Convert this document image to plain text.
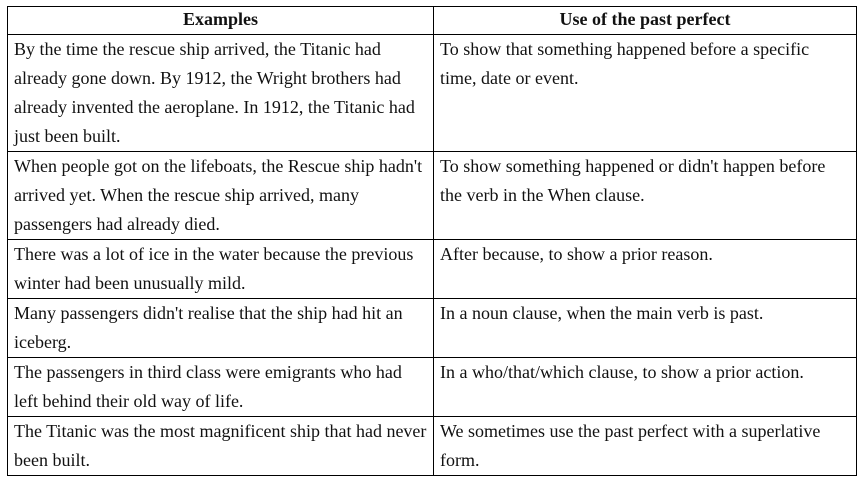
Examples	Use of the past perfect
By the time the rescue ship arrived, the Titanic had already gone down. By 1912, the Wright brothers had already invented the aeroplane. In 1912, the Titanic had just been built.	To show that something happened before a specific time, date or event.
When people got on the lifeboats, the Rescue ship hadn't arrived yet. When the rescue ship arrived, many passengers had already died.	To show something happened or didn't happen before the verb in the When clause.
There was a lot of ice in the water because the previous winter had been unusually mild.	After because, to show a prior reason.
Many passengers didn't realise that the ship had hit an iceberg.	In a noun clause, when the main verb is past.
The passengers in third class were emigrants who had left behind their old way of life.	In a who/that/which clause, to show a prior action.
The Titanic was the most magnificent ship that had never been built.	We sometimes use the past perfect with a superlative form.
